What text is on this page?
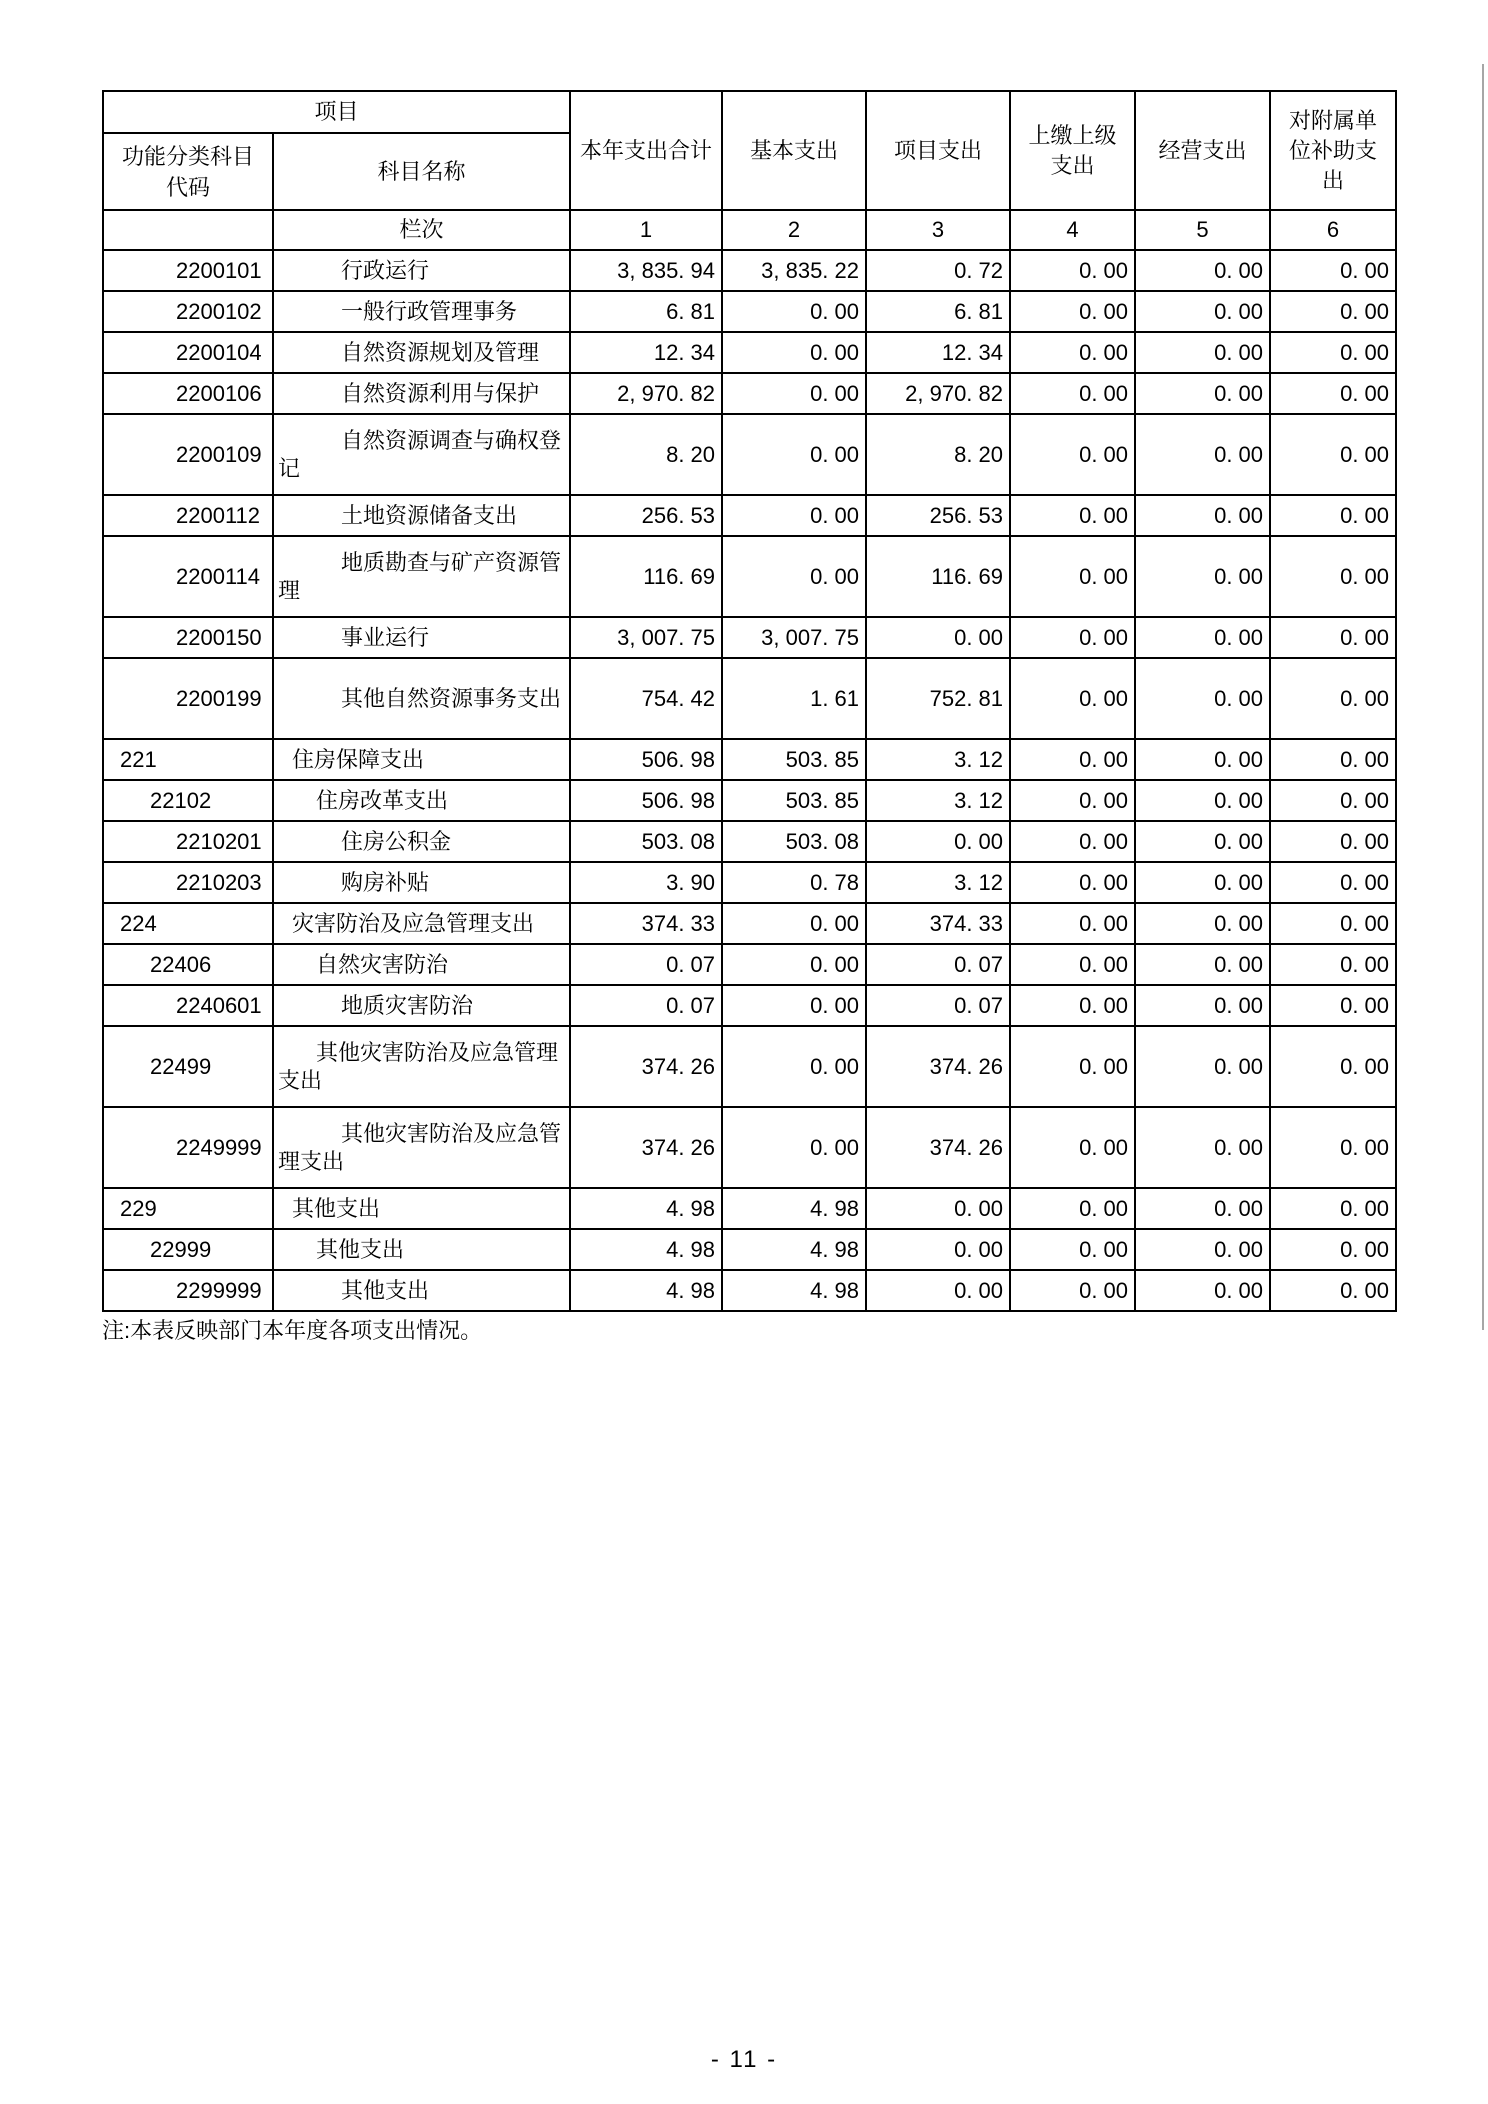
项目		本年支出合计	基本支出	项目支出	上缴上级支出	经营支出	对附属单位补助支出
功能分类科目代码	科目名称						
	栏次	1	2	3	4	5	6
2200101	行政运行	3, 835. 94	3, 835. 22	0. 72	0. 00	0. 00	0. 00
2200102	一般行政管理事务	6. 81	0. 00	6. 81	0. 00	0. 00	0. 00
2200104	自然资源规划及管理	12. 34	0. 00	12. 34	0. 00	0. 00	0. 00
2200106	自然资源利用与保护	2, 970. 82	0. 00	2, 970. 82	0. 00	0. 00	0. 00
2200109	自然资源调查与确权登记	8. 20	0. 00	8. 20	0. 00	0. 00	0. 00
2200112	土地资源储备支出	256. 53	0. 00	256. 53	0. 00	0. 00	0. 00
2200114	地质勘查与矿产资源管理	116. 69	0. 00	116. 69	0. 00	0. 00	0. 00
2200150	事业运行	3, 007. 75	3, 007. 75	0. 00	0. 00	0. 00	0. 00
2200199	其他自然资源事务支出	754. 42	1. 61	752. 81	0. 00	0. 00	0. 00
221	住房保障支出	506. 98	503. 85	3. 12	0. 00	0. 00	0. 00
22102	住房改革支出	506. 98	503. 85	3. 12	0. 00	0. 00	0. 00
2210201	住房公积金	503. 08	503. 08	0. 00	0. 00	0. 00	0. 00
2210203	购房补贴	3. 90	0. 78	3. 12	0. 00	0. 00	0. 00
224	灾害防治及应急管理支出	374. 33	0. 00	374. 33	0. 00	0. 00	0. 00
22406	自然灾害防治	0. 07	0. 00	0. 07	0. 00	0. 00	0. 00
2240601	地质灾害防治	0. 07	0. 00	0. 07	0. 00	0. 00	0. 00
22499	其他灾害防治及应急管理支出	374. 26	0. 00	374. 26	0. 00	0. 00	0. 00
2249999	其他灾害防治及应急管理支出	374. 26	0. 00	374. 26	0. 00	0. 00	0. 00
229	其他支出	4. 98	4. 98	0. 00	0. 00	0. 00	0. 00
22999	其他支出	4. 98	4. 98	0. 00	0. 00	0. 00	0. 00
2299999	其他支出	4. 98	4. 98	0. 00	0. 00	0. 00	0. 00
注:本表反映部门本年度各项支出情况。
- 11 -
